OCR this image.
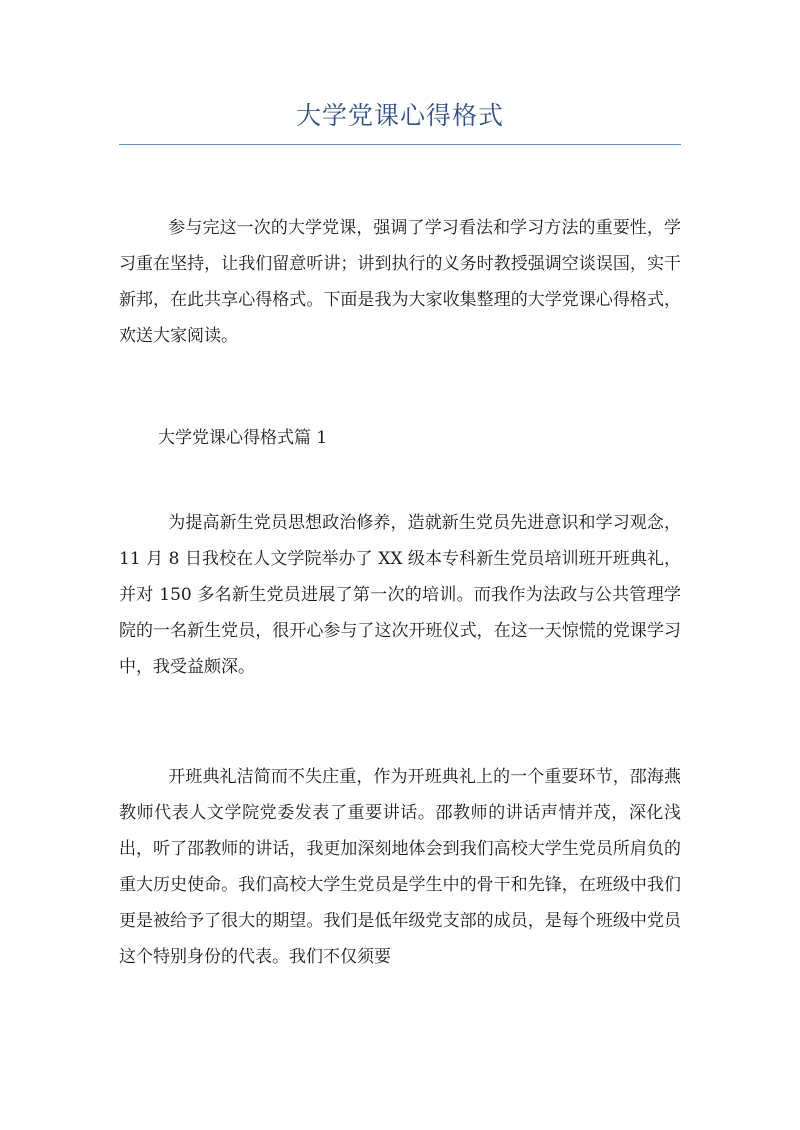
大学党课心得格式

参与完这一次的大学党课，强调了学习看法和学习方法的重要性，学习重在坚持，让我们留意听讲；讲到执行的义务时教授强调空谈误国，实干新邦，在此共享心得格式。下面是我为大家收集整理的大学党课心得格式，欢送大家阅读。

大学党课心得格式篇 1

为提高新生党员思想政治修养，造就新生党员先进意识和学习观念，11 月 8 日我校在人文学院举办了 XX 级本专科新生党员培训班开班典礼，并对 150 多名新生党员进展了第一次的培训。而我作为法政与公共管理学院的一名新生党员，很开心参与了这次开班仪式，在这一天惊慌的党课学习中，我受益颇深。

开班典礼洁简而不失庄重，作为开班典礼上的一个重要环节，邵海燕教师代表人文学院党委发表了重要讲话。邵教师的讲话声情并茂，深化浅出，听了邵教师的讲话，我更加深刻地体会到我们高校大学生党员所肩负的重大历史使命。我们高校大学生党员是学生中的骨干和先锋，在班级中我们更是被给予了很大的期望。我们是低年级党支部的成员，是每个班级中党员这个特别身份的代表。我们不仅须要
